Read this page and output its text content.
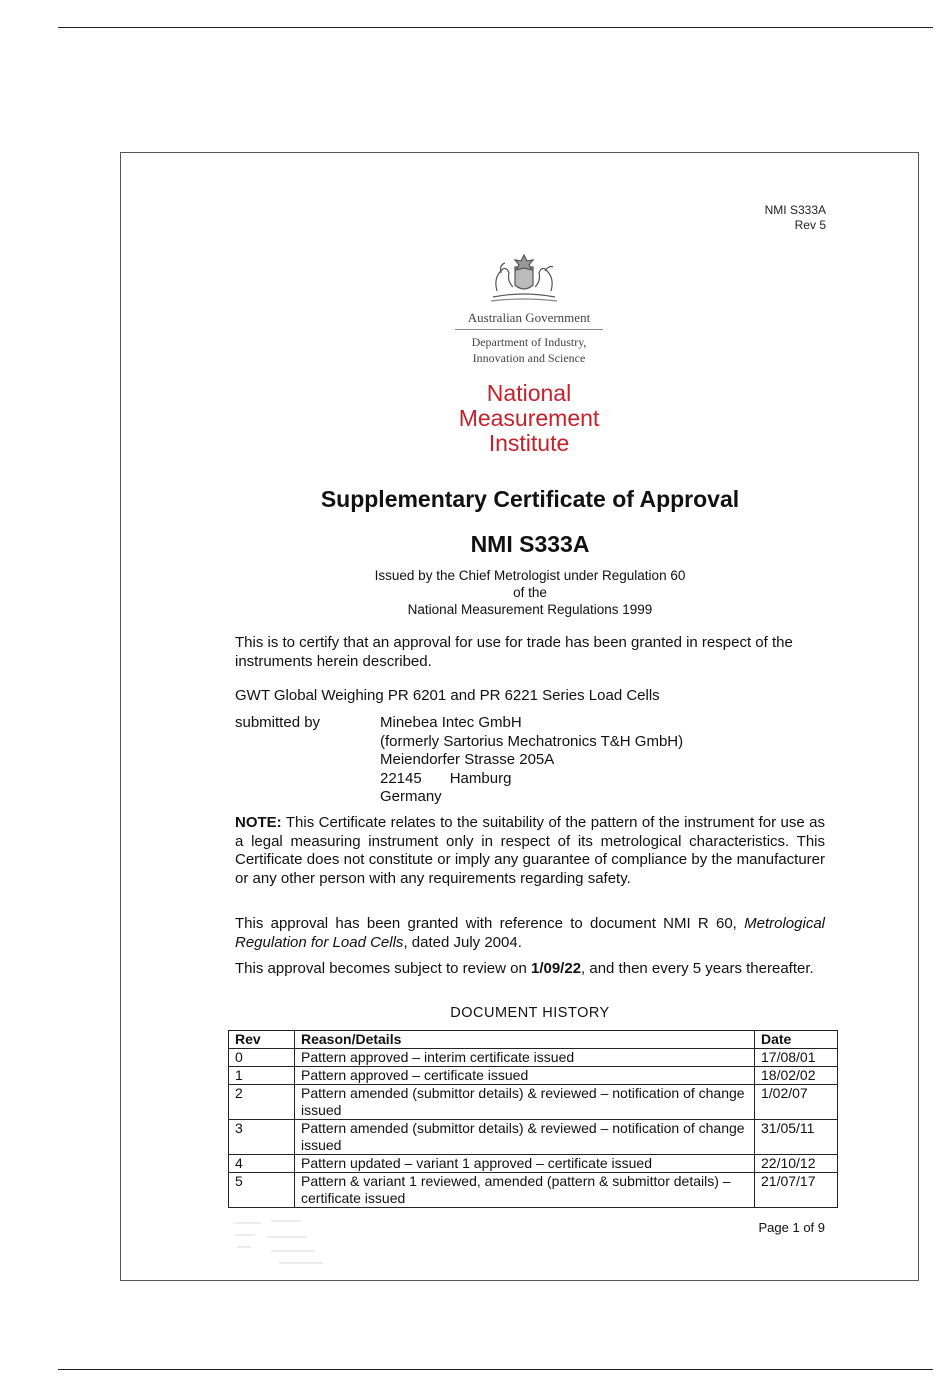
NMI S333A
Rev 5
Australian Government
Department of Industry,
Innovation and Science
National
Measurement
Institute
Supplementary Certificate of Approval
NMI S333A
Issued by the Chief Metrologist under Regulation 60
of the
National Measurement Regulations 1999
This is to certify that an approval for use for trade has been granted in respect of the instruments herein described.
GWT Global Weighing PR 6201 and PR 6221 Series Load Cells
submitted by	Minebea Intec GmbH
(formerly Sartorius Mechatronics T&H GmbH)
Meiendorfer Strasse 205A
22145 Hamburg
Germany
NOTE: This Certificate relates to the suitability of the pattern of the instrument for use as a legal measuring instrument only in respect of its metrological characteristics. This Certificate does not constitute or imply any guarantee of compliance by the manufacturer or any other person with any requirements regarding safety.
This approval has been granted with reference to document NMI R 60, Metrological Regulation for Load Cells, dated July 2004.
This approval becomes subject to review on 1/09/22, and then every 5 years thereafter.
DOCUMENT HISTORY
Rev	Reason/Details	Date
0	Pattern approved – interim certificate issued	17/08/01
1	Pattern approved – certificate issued	18/02/02
2	Pattern amended (submittor details) & reviewed – notification of change issued	1/02/07
3	Pattern amended (submittor details) & reviewed – notification of change issued	31/05/11
4	Pattern updated – variant 1 approved – certificate issued	22/10/12
5	Pattern & variant 1 reviewed, amended (pattern & submittor details) – certificate issued	21/07/17
Page 1 of 9
